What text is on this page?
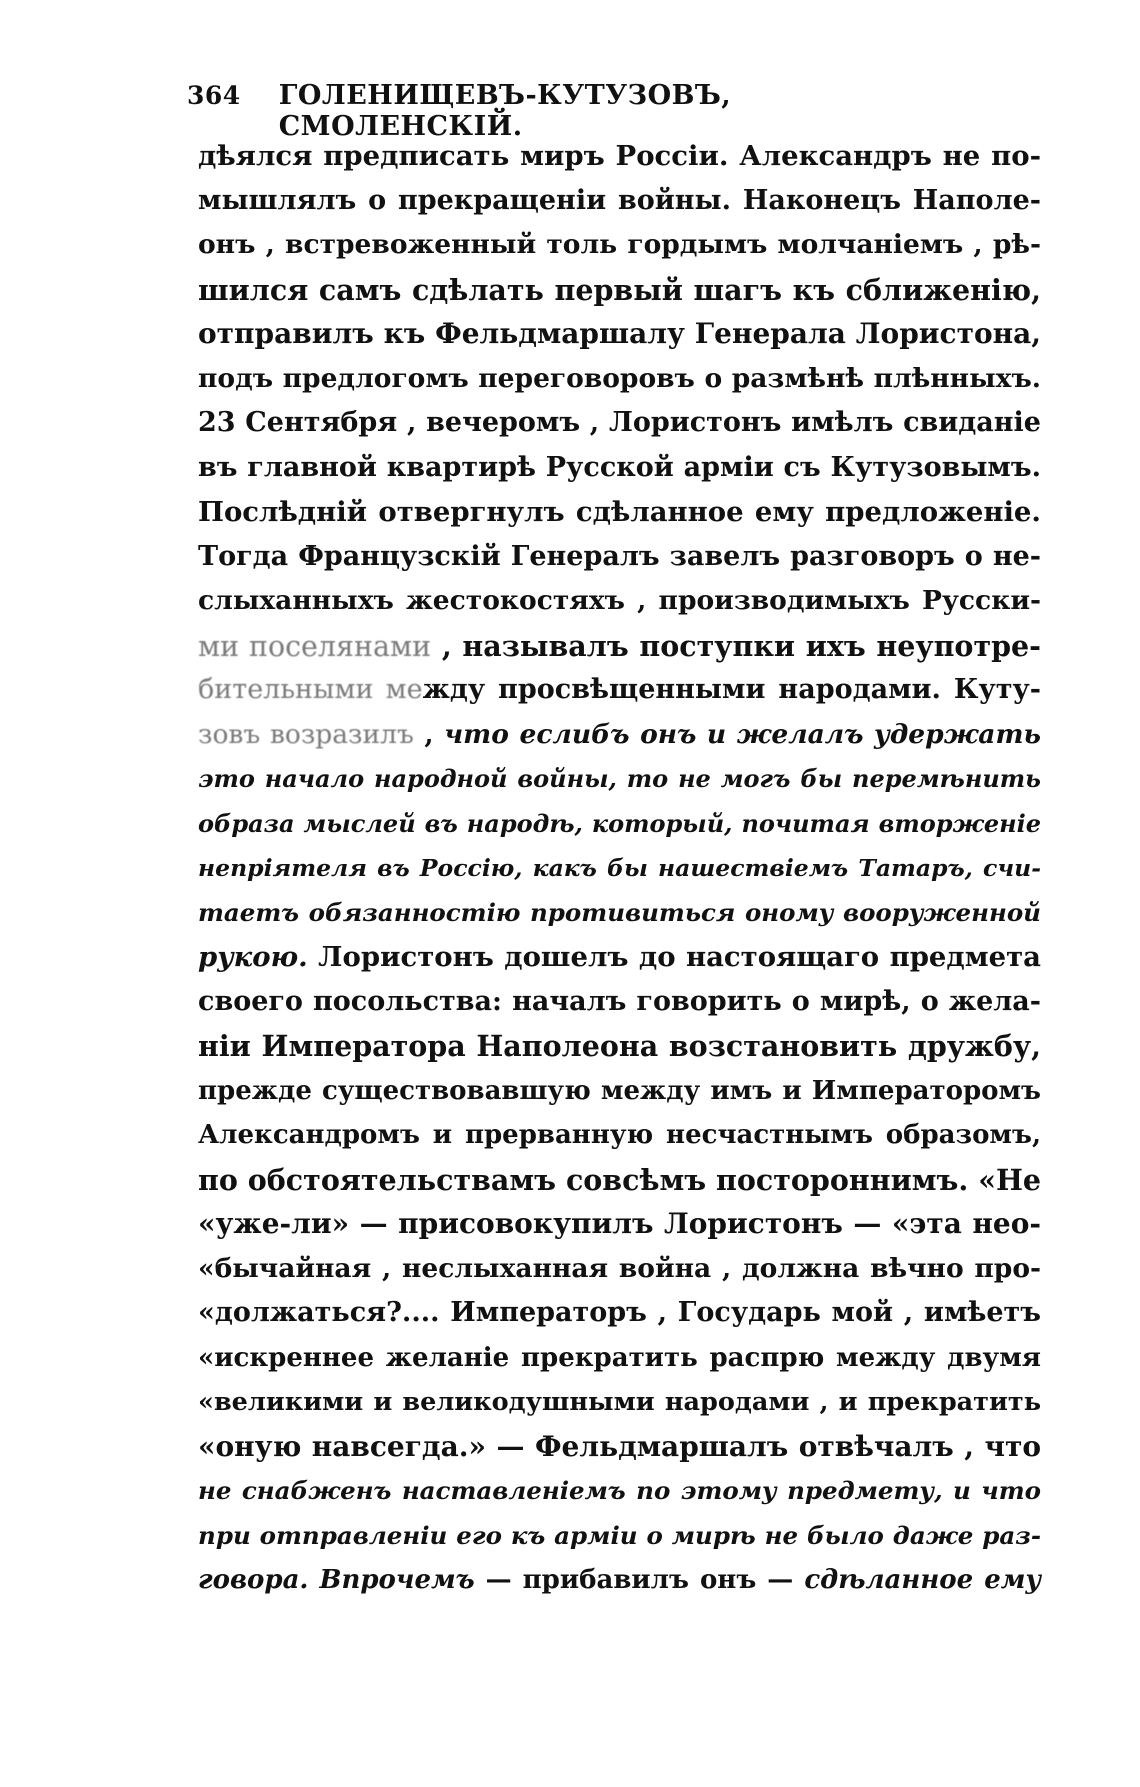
364 ГОЛЕНИЩЕВЪ-КУТУЗОВЪ, СМОЛЕНСКІЙ.
дѣялся предписать миръ Россіи. Александръ не по-
мышлялъ о прекращеніи войны. Наконецъ Наполе-
онъ , встревоженный толь гордымъ молчаніемъ , рѣ-
шился самъ сдѣлать первый шагъ къ сближенію,
отправилъ къ Фельдмаршалу Генерала Лористона,
подъ предлогомъ переговоровъ о размѣнѣ плѣнныхъ.
23 Сентября , вечеромъ , Лористонъ имѣлъ свиданіе
въ главной квартирѣ Русской арміи съ Кутузовымъ.
Послѣдній отвергнулъ сдѣланное ему предложеніе.
Тогда Французскій Генералъ завелъ разговоръ о не-
слыханныхъ жестокостяхъ , производимыхъ Русски-
ми поселянами , называлъ поступки ихъ неупотре-
бительными между просвѣщенными народами. Куту-
зовъ возразилъ , что еслибъ онъ и желалъ удержать
это начало народной войны, то не могъ бы перемѣнить
образа мыслей въ народѣ, который, почитая вторженіе
непріятеля въ Россію, какъ бы нашествіемъ Татаръ, счи-
таетъ обязанностію противиться оному вооруженной
рукою. Лористонъ дошелъ до настоящаго предмета
своего посольства: началъ говорить о мирѣ, о жела-
ніи Императора Наполеона возстановить дружбу,
прежде существовавшую между имъ и Императоромъ
Александромъ и прерванную несчастнымъ образомъ,
по обстоятельствамъ совсѣмъ постороннимъ. «Не
«уже-ли» — присовокупилъ Лористонъ — «эта нео-
«бычайная , неслыханная война , должна вѣчно про-
«должаться?.... Императоръ , Государь мой , имѣетъ
«искреннее желаніе прекратить распрю между двумя
«великими и великодушными народами , и прекратить
«оную навсегда.» — Фельдмаршалъ отвѣчалъ , что
не снабженъ наставленіемъ по этому предмету, и что
при отправленіи его къ арміи о мирѣ не было даже раз-
говора. Впрочемъ — прибавилъ онъ — сдѣланное ему
